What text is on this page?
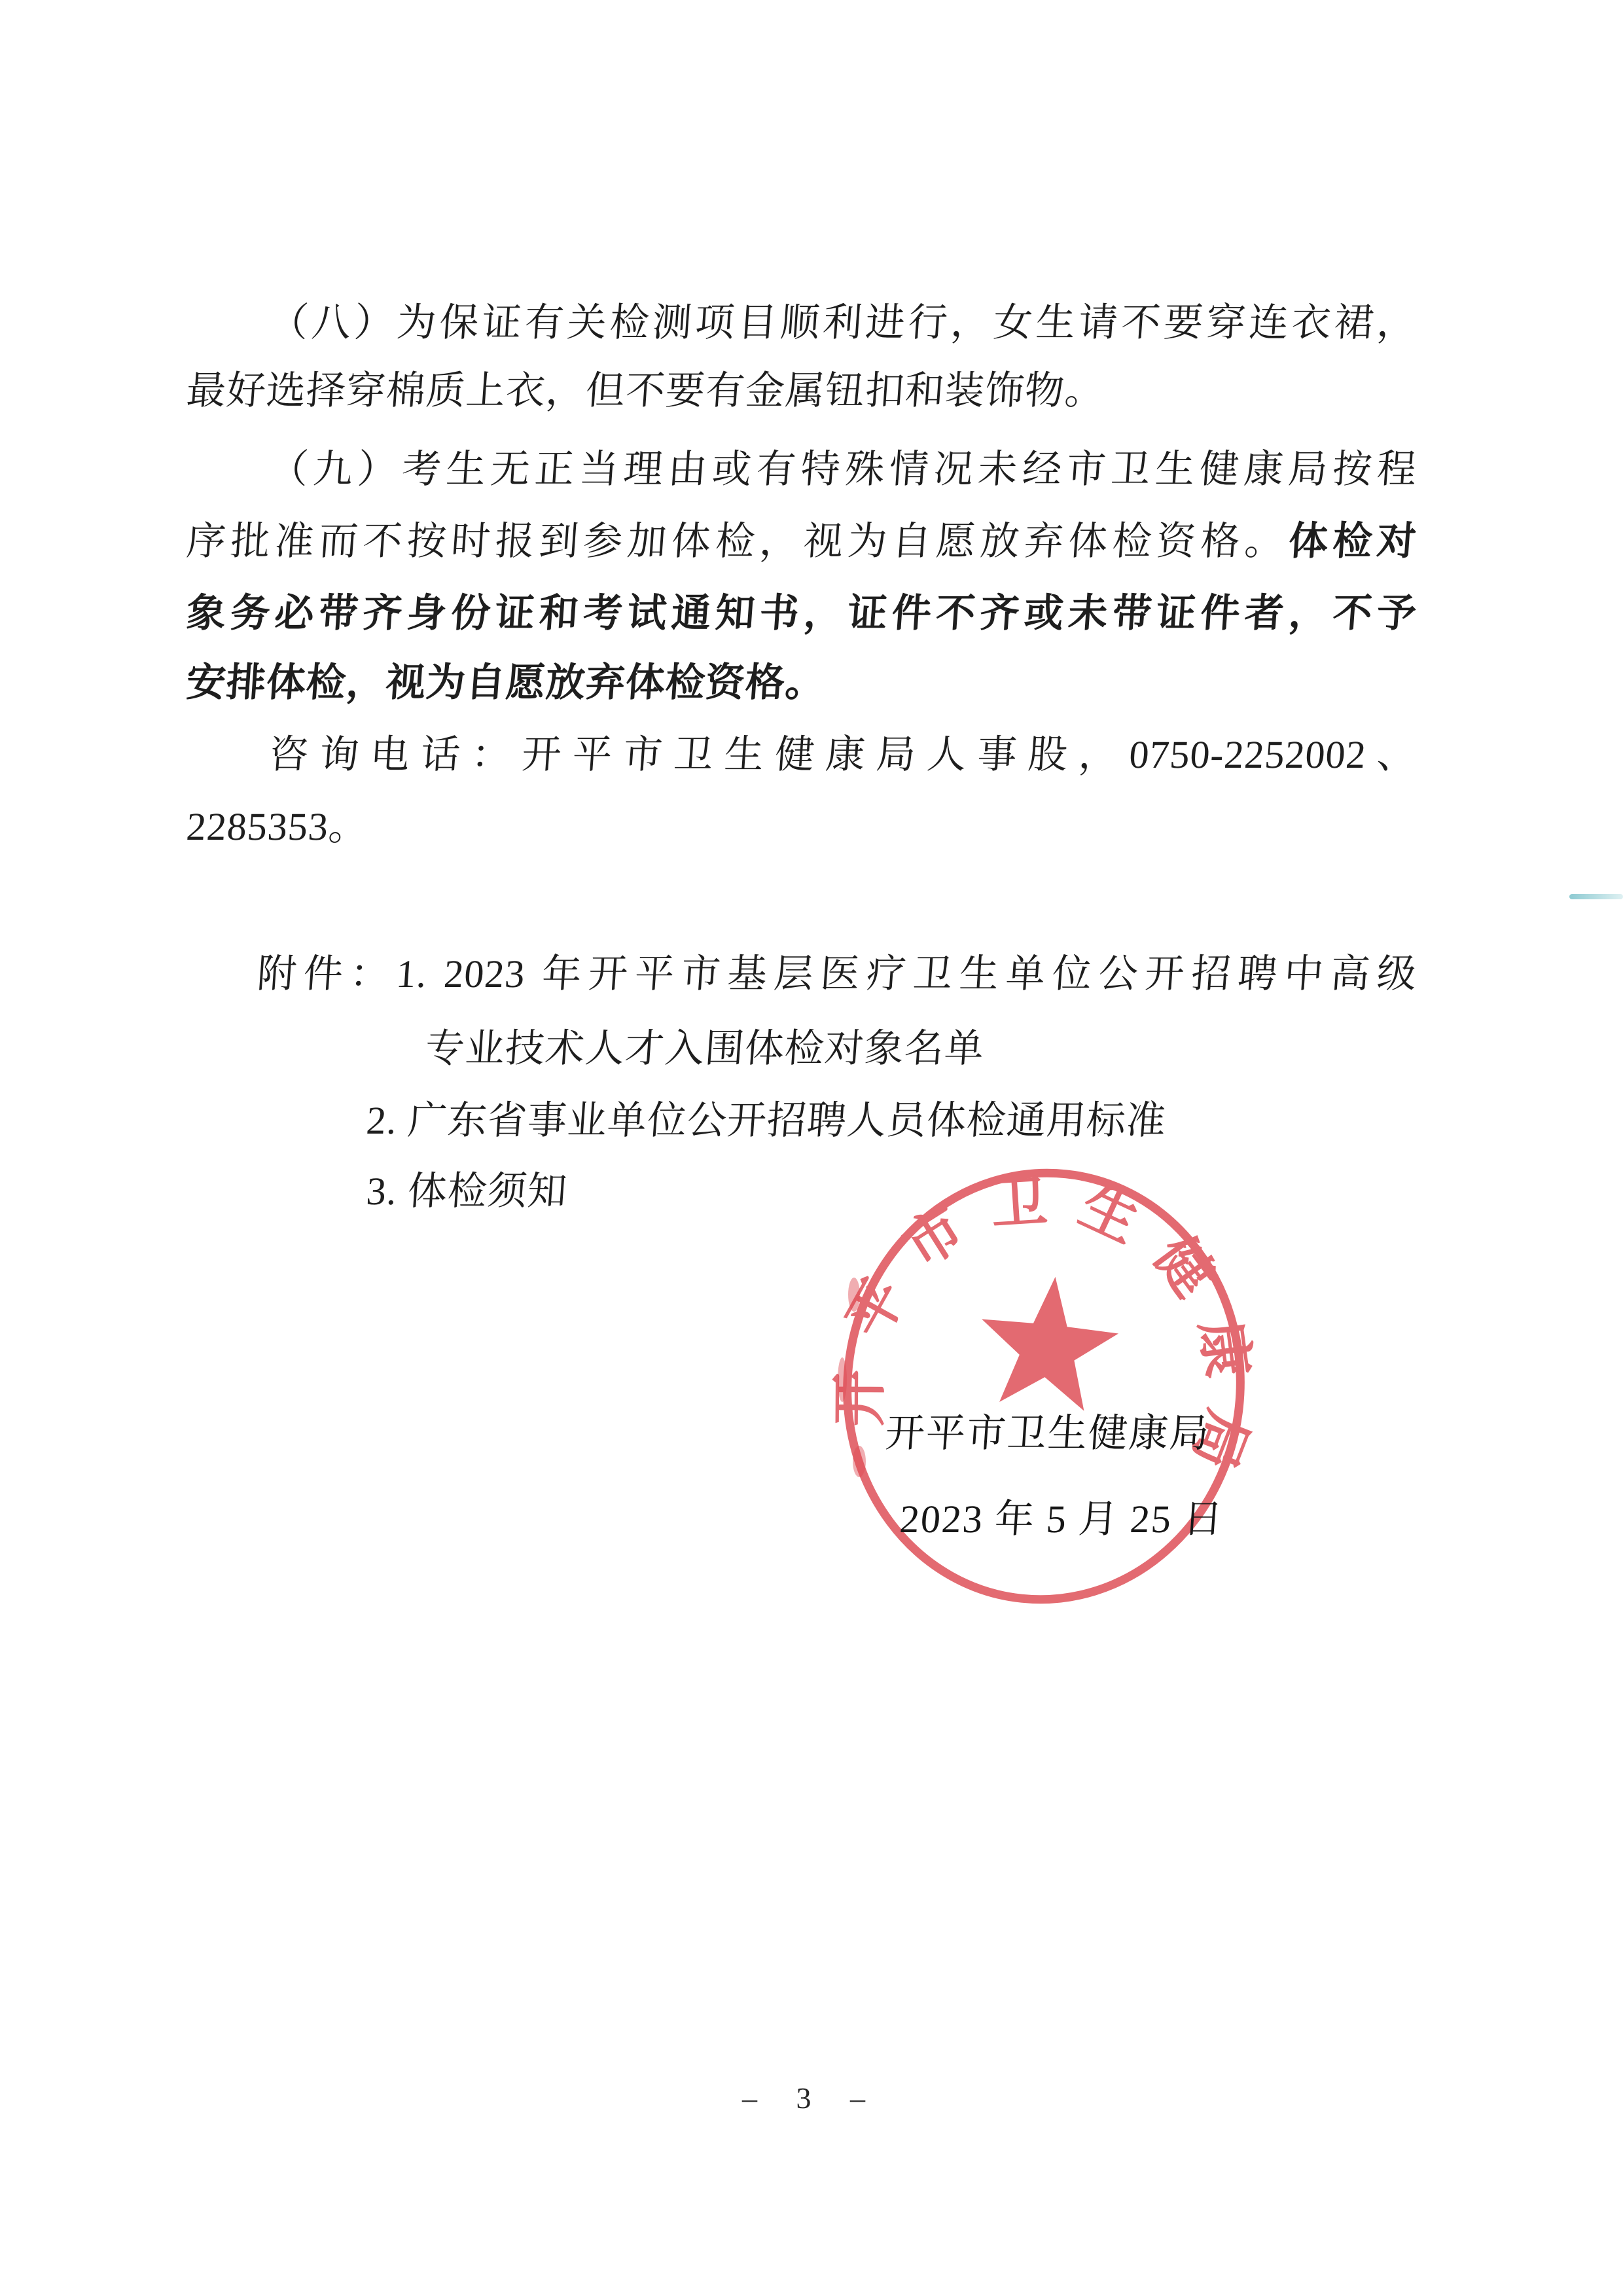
（八）为保证有关检测项目顺利进行，女生请不要穿连衣裙，
最好选择穿棉质上衣，但不要有金属钮扣和装饰物。
（九）考生无正当理由或有特殊情况未经市卫生健康局按程
序批准而不按时报到参加体检，视为自愿放弃体检资格。体检对
象务必带齐身份证和考试通知书，证件不齐或未带证件者，不予
安排体检，视为自愿放弃体检资格。
咨询电话：开平市卫生健康局人事股，0750-2252002、
2285353。
附件：1. 2023 年开平市基层医疗卫生单位公开招聘中高级
专业技术人才入围体检对象名单
2. 广东省事业单位公开招聘人员体检通用标准
3. 体检须知
开平市卫生健康局
开平市卫生健康局
2023 年 5 月 25 日
– 3 –
